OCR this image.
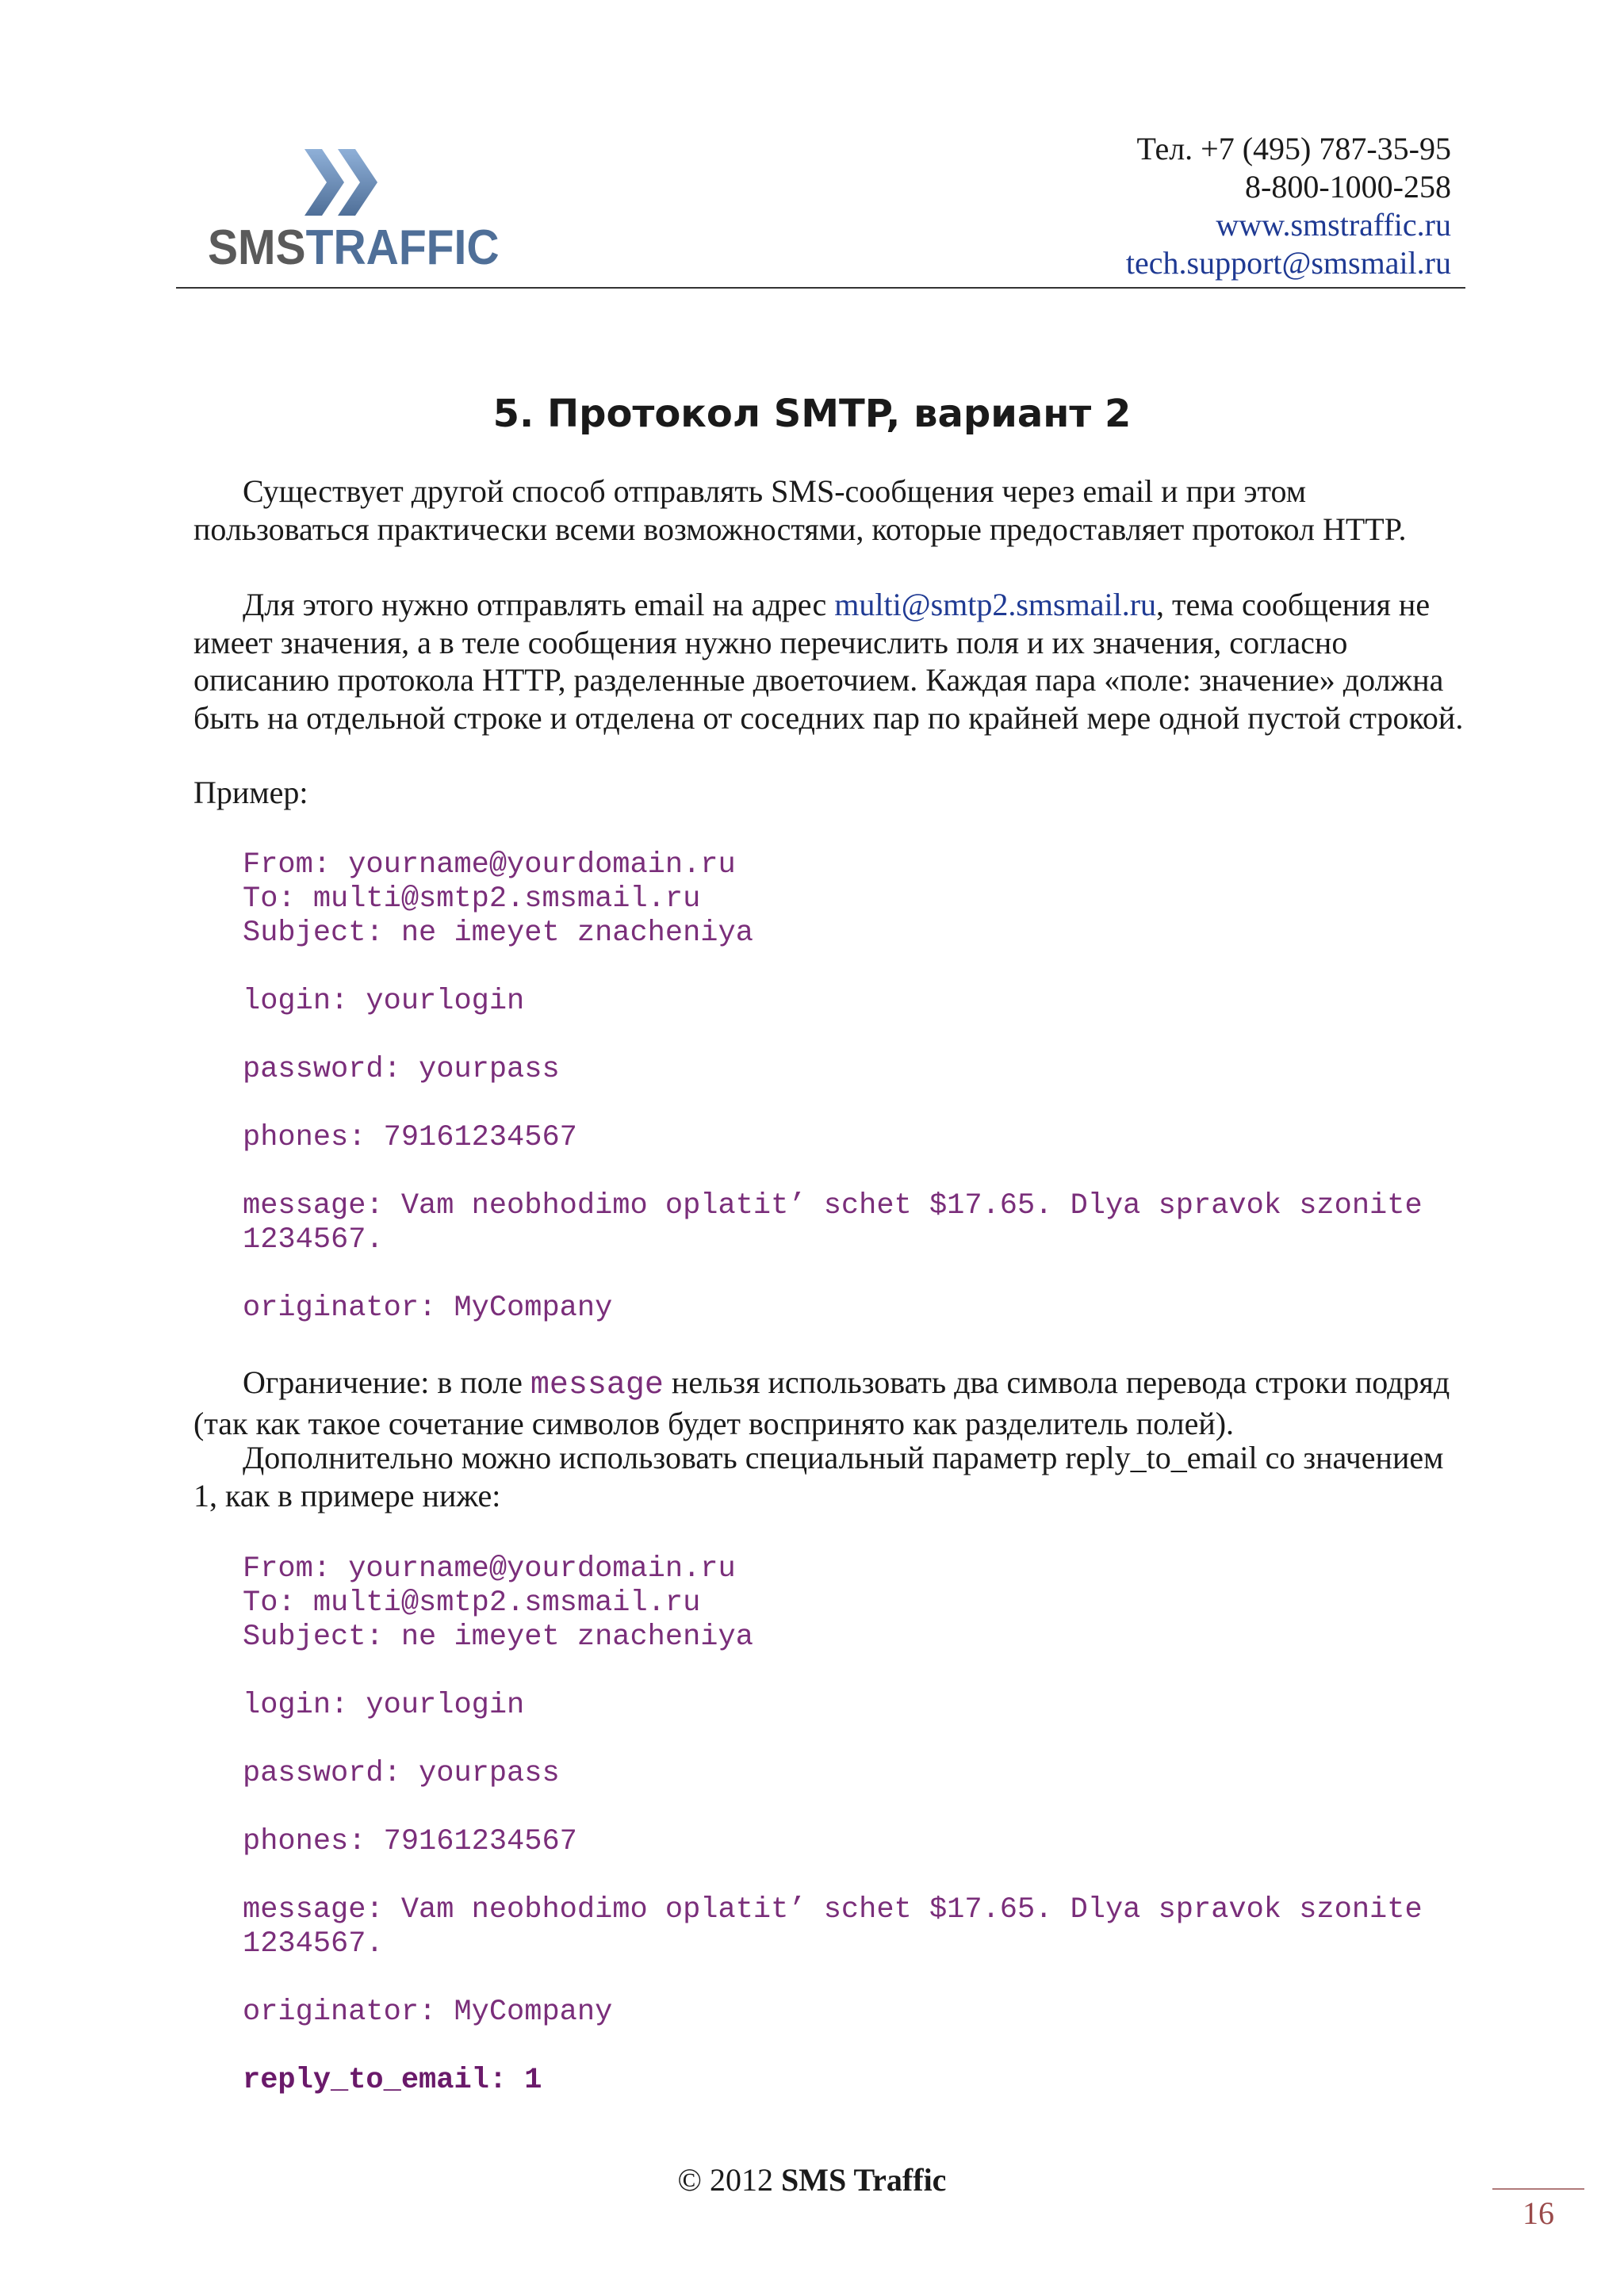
SMSTRAFFIC
Тел. +7 (495) 787-35-95
8-800-1000-258
www.smstraffic.ru
tech.support@smsmail.ru
5. Протокол SMTP, вариант 2

Существует другой способ отправлять SMS-сообщения через email и при этом пользоваться практически всеми возможностями, которые предоставляет протокол HTTP.

Для этого нужно отправлять email на адрес multi@smtp2.smsmail.ru, тема сообщения не имеет значения, а в теле сообщения нужно перечислить поля и их значения, согласно описанию протокола HTTP, разделенные двоеточием. Каждая пара «поле: значение» должна быть на отдельной строке и отделена от соседних пар по крайней мере одной пустой строкой.

Пример:

From: yourname@yourdomain.ru
To: multi@smtp2.smsmail.ru
Subject: ne imeyet znacheniya

login: yourlogin

password: yourpass

phones: 79161234567

message: Vam neobhodimo oplatit’ schet $17.65. Dlya spravok szonite
1234567.

originator: MyCompany

Ограничение: в поле message нельзя использовать два символа перевода строки подряд (так как такое сочетание символов будет воспринято как разделитель полей).

Дополнительно можно использовать специальный параметр reply_to_email со значением 1, как в примере ниже:

From: yourname@yourdomain.ru
To: multi@smtp2.smsmail.ru
Subject: ne imeyet znacheniya

login: yourlogin

password: yourpass

phones: 79161234567

message: Vam neobhodimo oplatit’ schet $17.65. Dlya spravok szonite
1234567.

originator: MyCompany

reply_to_email: 1
© 2012 SMS Traffic
16
